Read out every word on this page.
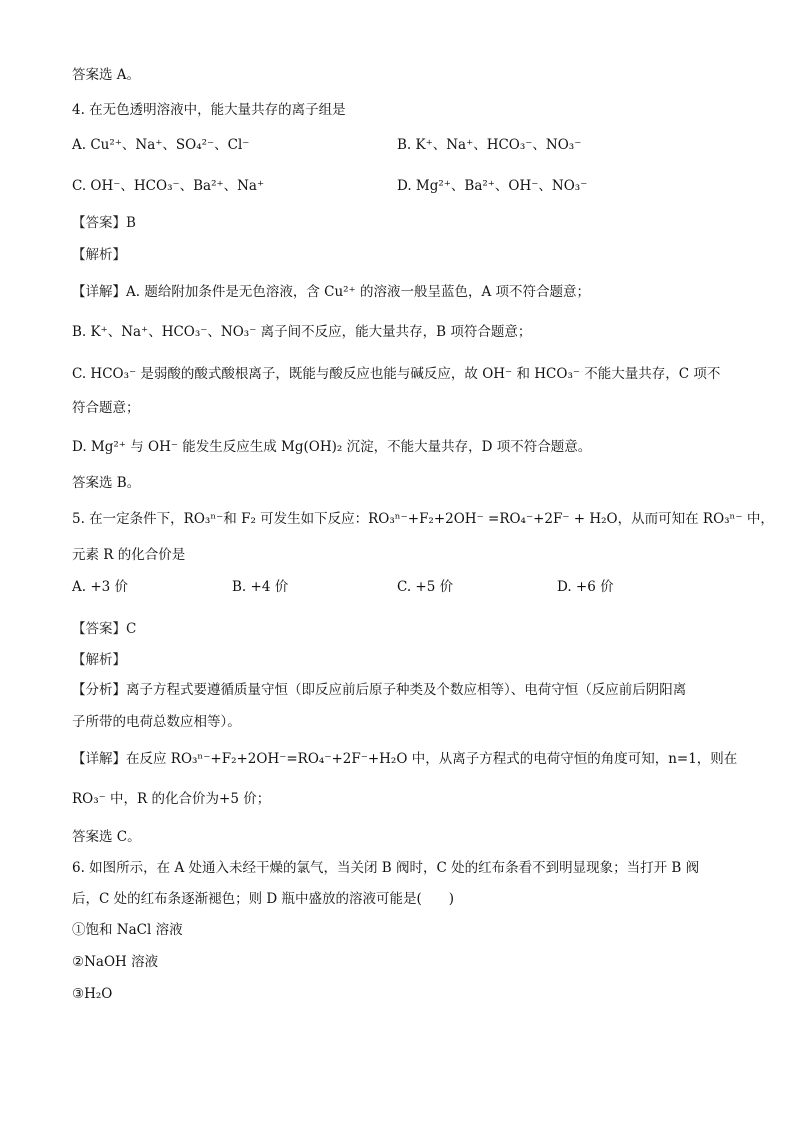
答案选 A。
4. 在无色透明溶液中，能大量共存的离子组是
A. Cu²⁺、Na⁺、SO₄²⁻、Cl⁻	B. K⁺、Na⁺、HCO₃⁻、NO₃⁻
C. OH⁻、HCO₃⁻、Ba²⁺、Na⁺	D. Mg²⁺、Ba²⁺、OH⁻、NO₃⁻
【答案】B
【解析】
【详解】A. 题给附加条件是无色溶液，含 Cu²⁺ 的溶液一般呈蓝色，A 项不符合题意；
B. K⁺、Na⁺、HCO₃⁻、NO₃⁻ 离子间不反应，能大量共存，B 项符合题意；
C. HCO₃⁻ 是弱酸的酸式酸根离子，既能与酸反应也能与碱反应，故 OH⁻ 和 HCO₃⁻ 不能大量共存，C 项不
符合题意；
D. Mg²⁺ 与 OH⁻ 能发生反应生成 Mg(OH)₂ 沉淀，不能大量共存，D 项不符合题意。
答案选 B。
5. 在一定条件下，RO₃ⁿ⁻和 F₂ 可发生如下反应：RO₃ⁿ⁻+F₂+2OH⁻ =RO₄⁻+2F⁻ + H₂O，从而可知在 RO₃ⁿ⁻ 中，
元素 R 的化合价是
A. +3 价	B. +4 价	C. +5 价	D. +6 价
【答案】C
【解析】
【分析】离子方程式要遵循质量守恒（即反应前后原子种类及个数应相等）、电荷守恒（反应前后阴阳离
子所带的电荷总数应相等）。
【详解】在反应 RO₃ⁿ⁻+F₂+2OH⁻=RO₄⁻+2F⁻+H₂O 中，从离子方程式的电荷守恒的角度可知，n=1，则在
RO₃⁻ 中，R 的化合价为+5 价；
答案选 C。
6. 如图所示，在 A 处通入未经干燥的氯气，当关闭 B 阀时，C 处的红布条看不到明显现象；当打开 B 阀
后，C 处的红布条逐渐褪色；则 D 瓶中盛放的溶液可能是(　　)
①饱和 NaCl 溶液
②NaOH 溶液
③H₂O
